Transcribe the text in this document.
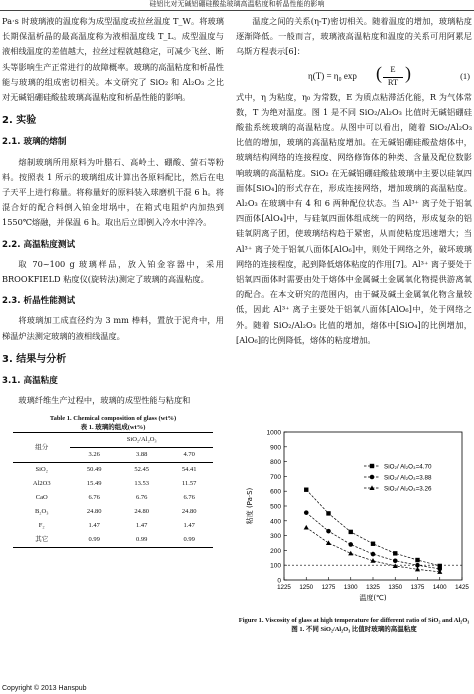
硅铝比对无碱铝硼硅酸盐玻璃高温粘度和析晶性能的影响

Pa·s 时玻璃液的温度称为成型温度或拉丝温度 T_W。将玻璃长期保温析晶的最高温度称为液相温度线 T_L。成型温度与液相线温度的差值越大，拉丝过程就越稳定，可减少飞丝、断头等影响生产正常进行的故障概率。玻璃的高温粘度和析晶性能与玻璃的组成密切相关。本文研究了 SiO₂ 和 Al₂O₃ 之比对无碱铝硼硅酸盐玻璃高温粘度和析晶性能的影响。

2. 实验
2.1. 玻璃的熔制

熔制玻璃所用原料为叶腊石、高岭土、硼酸、萤石等粉料。按照表 1 所示的玻璃组成计算出各原料配比，然后在电子天平上进行称量。将称量好的原料装入球磨机干混 6 h。将混合好的配合料倒入铂金坩埚中，在箱式电阻炉内加热到 1550℃熔融，并保温 6 h。取出后立即倒入冷水中淬冷。

2.2. 高温粘度测试

取 70~100 g 玻璃样品，放入铂金容器中，采用 BROOKFIELD 粘度仪(旋转法)测定了玻璃的高温粘度。

2.3. 析晶性能测试

将玻璃加工成直径约为 3 mm 棒料，置放于泥舟中，用梯温炉法测定玻璃的液相线温度。

3. 结果与分析
3.1. 高温粘度

玻璃纤维生产过程中，玻璃的成型性能与粘度和

Table 1. Chemical composition of glass (wt%)
表 1. 玻璃的组成(wt%)
组分	SiO₂/Al₂O₃		
	3.26	3.88	4.70
SiO₂	50.49	52.45	54.41
Al2O3	15.49	13.53	11.57
CaO	6.76	6.76	6.76
B₂O₃	24.80	24.80	24.80
F₂	1.47	1.47	1.47
其它	0.99	0.99	0.99

温度之间的关系(η-T)密切相关。随着温度的增加，玻璃粘度逐渐降低。一般而言，玻璃液高温粘度和温度的关系可用阿累尼乌斯方程表示[6]：

η(T) = η₀ exp ( E
RT )	(1)

式中，η 为粘度，η₀ 为常数，E 为质点粘滞活化能，R 为气体常数，T 为绝对温度。图 1 是不同 SiO₂/Al₂O₃ 比值时无碱铝硼硅酸盐系统玻璃的高温粘度。从图中可以看出，随着 SiO₂/Al₂O₃ 比值的增加，玻璃的高温粘度增加。在无碱铝硼硅酸盐熔体中，玻璃结构网络的连接程度、网络修饰体的种类、含量及配位数影响玻璃的高温粘度。SiO₂ 在无碱铝硼硅酸盐玻璃中主要以硅氧四面体[SiO₄]的形式存在，形成连接网络，增加玻璃的高温粘度。Al₂O₃ 在玻璃中有 4 和 6 两种配位状态。当 Al³⁺ 离子处于铝氧四面体[AlO₄]中，与硅氧四面体组成统一的网络，形成复杂的铝硅氧阴离子团，使玻璃结构趋于紧密，从而使粘度迅速增大；当 Al³⁺ 离子处于铝氧八面体[AlO₆]中，则处于网络之外，破坏玻璃网络的连接程度，起到降低熔体粘度的作用[7]。Al³⁺ 离子要处于铝氧四面体时需要由处于熔体中金属碱土金属氧化物提供游离氧的配合。在本文研究的范围内，由于碱及碱土金属氧化物含量较低，因此 Al³⁺ 离子主要处于铝氧八面体[AlO₆]中，处于网络之外。随着 SiO₂/Al₂O₃ 比值的增加，熔体中[SiO₄]的比例增加，[AlO₆]的比例降低，熔体的粘度增加。

0
100
200
300
400
500
600
700
800
900
1000
1225 1250 1275 1300 1325 1350 1375 1400 1425
温度(℃)
粘度 (Pa·S)
SiO₂/ Al₂O₃=4.70
SiO₂/ Al₂O₃=3.88
SiO₂/ Al₂O₃=3.26
Figure 1. Viscosity of glass at high temperature for different ratio of SiO₂ and Al₂O₃
图 1. 不同 SiO₂/Al₂O₃ 比值时玻璃的高温粘度
Copyright © 2013 Hanspub
